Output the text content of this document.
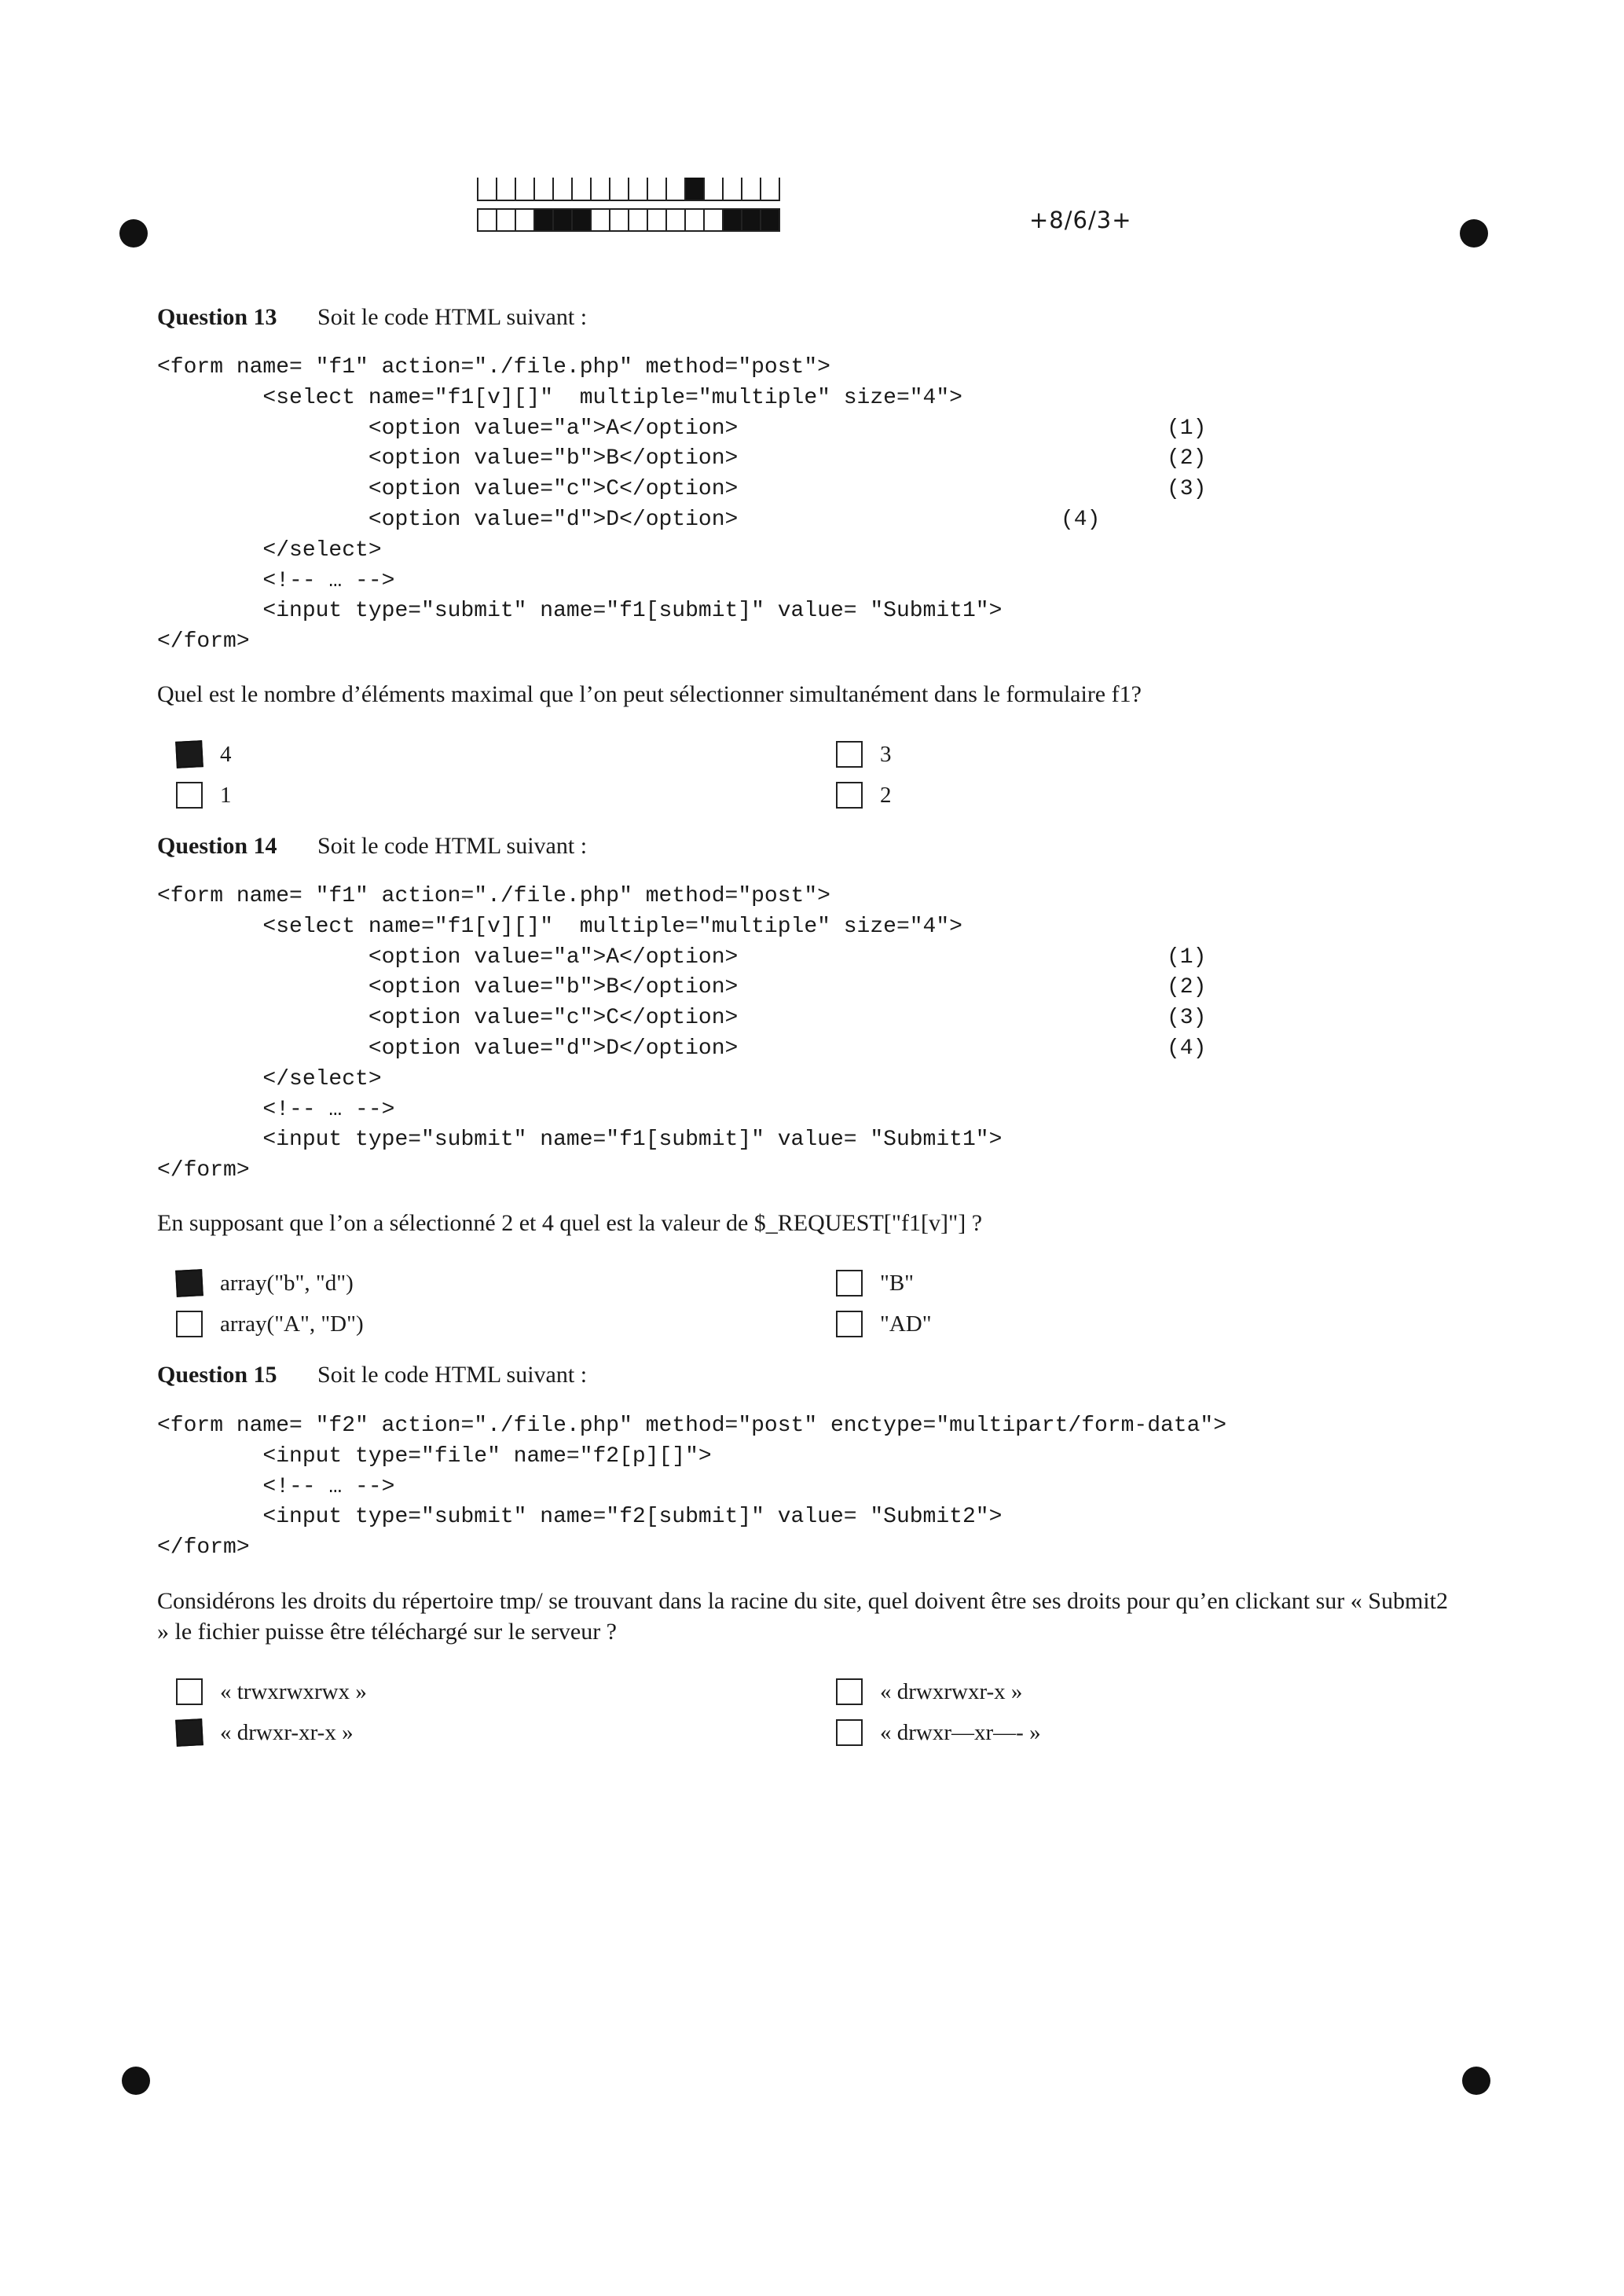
+8/6/3+
Question 13 Soit le code HTML suivant :
<form name= "f1" action="./file.php" method="post">
<select name="f1[v][]"  multiple="multiple" size="4">
<option value="a">A</option>	(1)
<option value="b">B</option>	(2)
<option value="c">C</option>	(3)
<option value="d">D</option>	(4)
</select>
<!-- … -->
<input type="submit" name="f1[submit]" value= "Submit1">
</form>
Quel est le nombre d’éléments maximal que l’on peut sélectionner simultanément dans le formulaire f1?
4	3
1	2
Question 14 Soit le code HTML suivant :
<form name= "f1" action="./file.php" method="post">
<select name="f1[v][]"  multiple="multiple" size="4">
<option value="a">A</option>	(1)
<option value="b">B</option>	(2)
<option value="c">C</option>	(3)
<option value="d">D</option>	(4)
</select>
<!-- … -->
<input type="submit" name="f1[submit]" value= "Submit1">
</form>
En supposant que l’on a sélectionné 2 et 4 quel est la valeur de $_REQUEST["f1[v]"] ?
array("b", "d")	"B"
array("A", "D")	"AD"
Question 15 Soit le code HTML suivant :
<form name= "f2" action="./file.php" method="post" enctype="multipart/form-data">
<input type="file" name="f2[p][]">
<!-- … -->
<input type="submit" name="f2[submit]" value= "Submit2">
</form>
Considérons les droits du répertoire tmp/ se trouvant dans la racine du site, quel doivent être ses droits pour qu’en clickant sur « Submit2 » le fichier puisse être téléchargé sur le serveur ?
« trwxrwxrwx »	« drwxrwxr-x »
« drwxr-xr-x »	« drwxr—xr—- »
